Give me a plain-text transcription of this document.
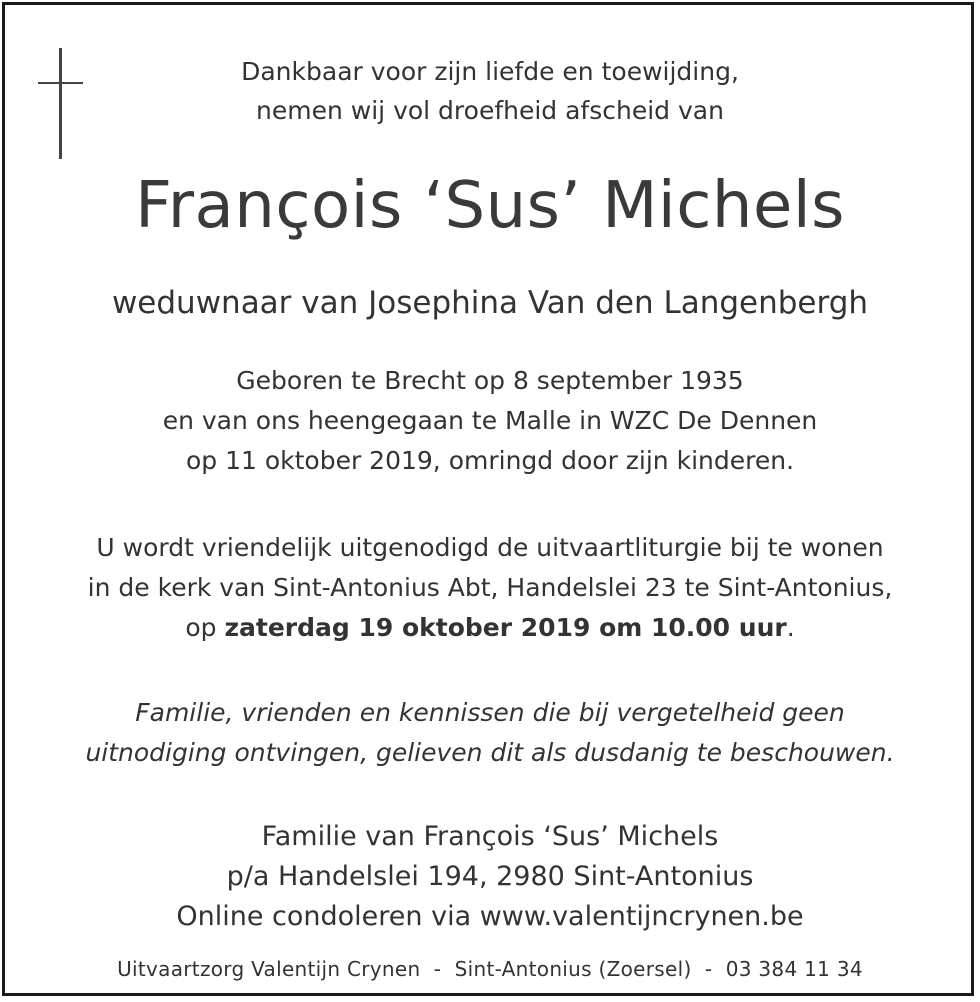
Dankbaar voor zijn liefde en toewijding,
nemen wij vol droefheid afscheid van
François ‘Sus’ Michels
weduwnaar van Josephina Van den Langenbergh
Geboren te Brecht op 8 september 1935
en van ons heengegaan te Malle in WZC De Dennen
op 11 oktober 2019, omringd door zijn kinderen.
U wordt vriendelijk uitgenodigd de uitvaartliturgie bij te wonen
in de kerk van Sint-Antonius Abt, Handelslei 23 te Sint-Antonius,
op zaterdag 19 oktober 2019 om 10.00 uur.
Familie, vrienden en kennissen die bij vergetelheid geen
uitnodiging ontvingen, gelieven dit als dusdanig te beschouwen.
Familie van François ‘Sus’ Michels
p/a Handelslei 194, 2980 Sint-Antonius
Online condoleren via www.valentijncrynen.be
Uitvaartzorg Valentijn Crynen  -  Sint-Antonius (Zoersel)  -  03 384 11 34
